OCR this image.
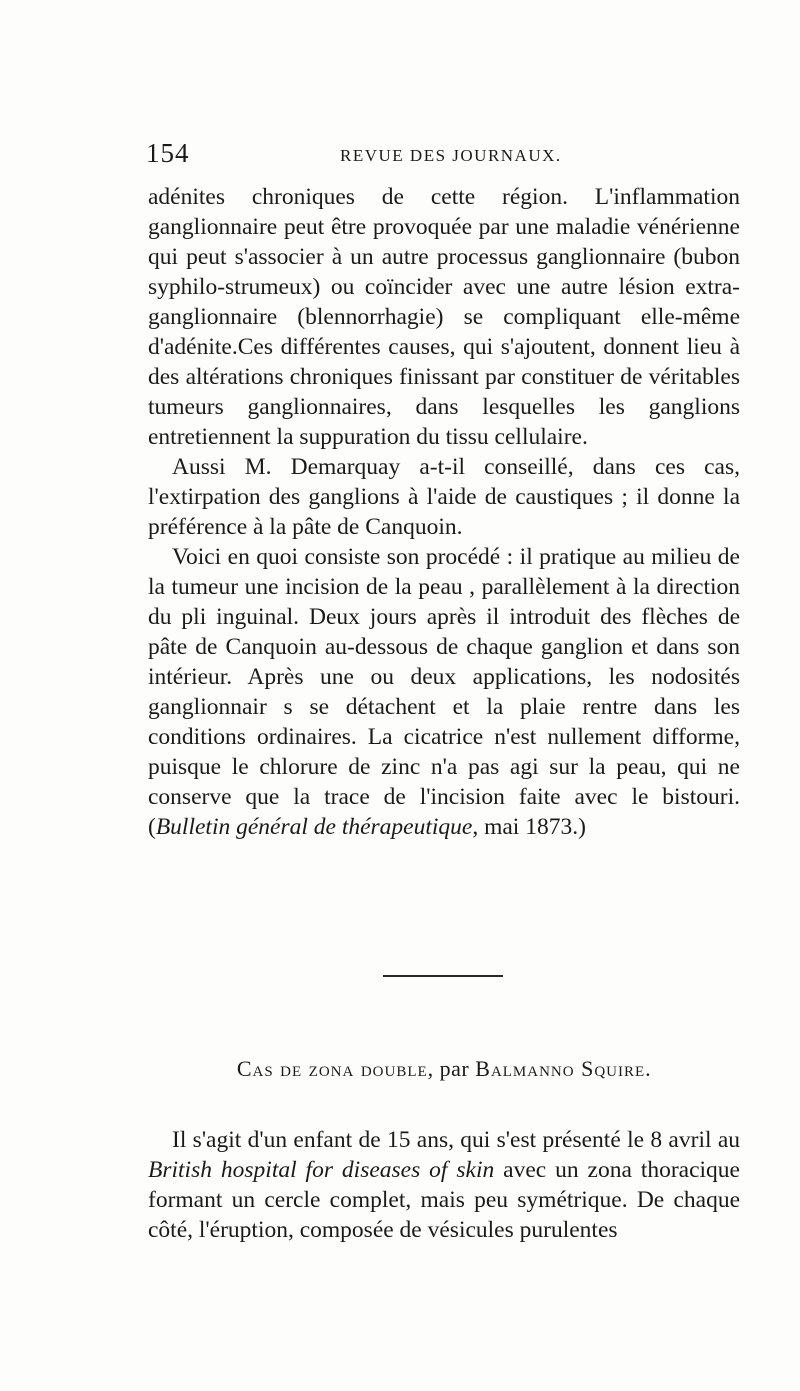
154	REVUE DES JOURNAUX.

adénites chroniques de cette région. L'inflammation ganglionnaire peut être provoquée par une maladie vénérienne qui peut s'associer à un autre processus ganglionnaire (bubon syphilo-strumeux) ou coïncider avec une autre lésion extra-ganglionnaire (blennorrhagie) se compliquant elle-même d'adénite.Ces différentes causes, qui s'ajoutent, donnent lieu à des altérations chroniques finissant par constituer de véritables tumeurs ganglionnaires, dans lesquelles les ganglions entretiennent la suppuration du tissu cellulaire.

Aussi M. Demarquay a-t-il conseillé, dans ces cas, l'extirpation des ganglions à l'aide de caustiques ; il donne la préférence à la pâte de Canquoin.

Voici en quoi consiste son procédé : il pratique au milieu de la tumeur une incision de la peau , parallèlement à la direction du pli inguinal. Deux jours après il introduit des flèches de pâte de Canquoin au-dessous de chaque ganglion et dans son intérieur. Après une ou deux applications, les nodosités ganglionnair s se détachent et la plaie rentre dans les conditions ordinaires. La cicatrice n'est nullement difforme, puisque le chlorure de zinc n'a pas agi sur la peau, qui ne conserve que la trace de l'incision faite avec le bistouri. (Bulletin général de thérapeutique, mai 1873.)

Cas de zona double, par Balmanno Squire.

Il s'agit d'un enfant de 15 ans, qui s'est présenté le 8 avril au British hospital for diseases of skin avec un zona thoracique formant un cercle complet, mais peu symétrique. De chaque côté, l'éruption, composée de vésicules purulentes
